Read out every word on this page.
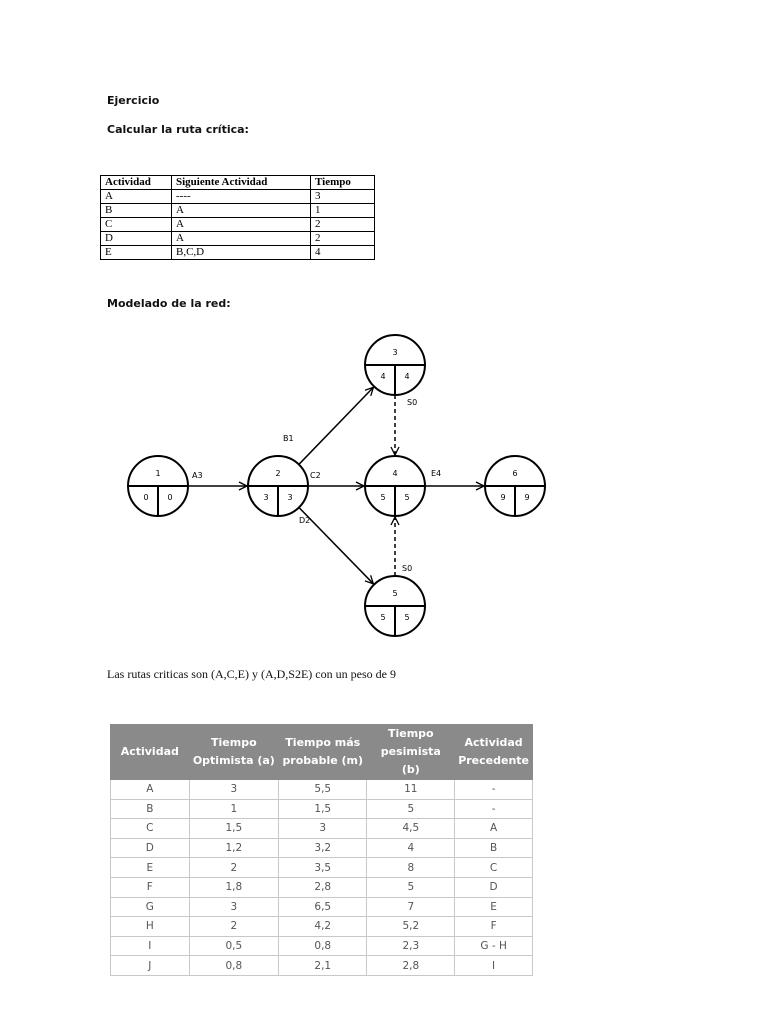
Ejercicio

Calcular la ruta crítica:

Actividad	Siguiente Actividad	Tiempo
A	----	3
B	A	1
C	A	2
D	A	2
E	B,C,D	4

Modelado de la red:

A3
B1
C2
D2
S0
S0
E4
1
0 0
2
3 3
3
4 4
4
5 5
5
5 5
6
9 9

Las rutas criticas son (A,C,E) y (A,D,S2E) con un peso de 9

Actividad	Tiempo Optimista (a)	Tiempo más probable (m)	Tiempo pesimista (b)	Actividad Precedente
A	3	5,5	11	-
B	1	1,5	5	-
C	1,5	3	4,5	A
D	1,2	3,2	4	B
E	2	3,5	8	C
F	1,8	2,8	5	D
G	3	6,5	7	E
H	2	4,2	5,2	F
I	0,5	0,8	2,3	G - H
J	0,8	2,1	2,8	I
